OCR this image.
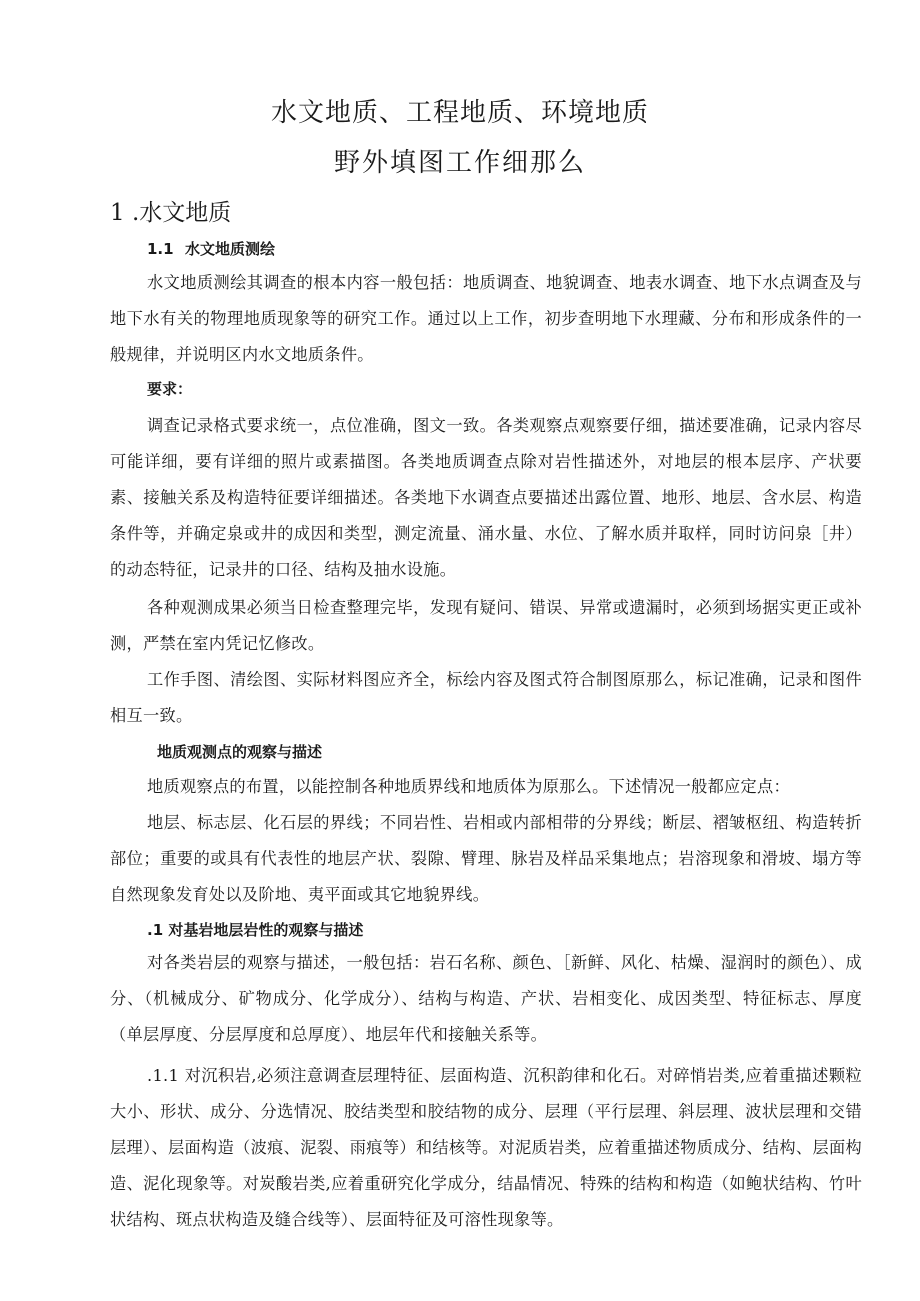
水文地质、工程地质、环境地质
野外填图工作细那么
1 .水文地质
1.1 水文地质测绘

水文地质测绘其调查的根本内容一般包括：地质调查、地貌调查、地表水调查、地下水点调查及与地下水有关的物理地质现象等的研究工作。通过以上工作，初步查明地下水理藏、分布和形成条件的一般规律，并说明区内水文地质条件。

要求：

调查记录格式要求统一，点位准确，图文一致。各类观察点观察要仔细，描述要准确，记录内容尽可能详细，要有详细的照片或素描图。各类地质调查点除对岩性描述外，对地层的根本层序、产状要素、接触关系及构造特征要详细描述。各类地下水调查点要描述出露位置、地形、地层、含水层、构造条件等，并确定泉或井的成因和类型，测定流量、涌水量、水位、了解水质并取样，同时访问泉［井）的动态特征，记录井的口径、结构及抽水设施。

各种观测成果必须当日检查整理完毕，发现有疑问、错误、异常或遗漏时，必须到场据实更正或补测，严禁在室内凭记忆修改。

工作手图、清绘图、实际材料图应齐全，标绘内容及图式符合制图原那么，标记准确，记录和图件相互一致。

地质观测点的观察与描述

地质观察点的布置，以能控制各种地质界线和地质体为原那么。下述情况一般都应定点：

地层、标志层、化石层的界线；不同岩性、岩相或内部相带的分界线；断层、褶皱枢纽、构造转折部位；重要的或具有代表性的地层产状、裂隙、臂理、脉岩及样品采集地点；岩溶现象和滑坡、塌方等自然现象发育处以及阶地、夷平面或其它地貌界线。

.1 对基岩地层岩性的观察与描述

对各类岩层的观察与描述，一般包括：岩石名称、颜色、［新鲜、风化、枯燥、湿润时的颜色）、成分、（机械成分、矿物成分、化学成分）、结构与构造、产状、岩相变化、成因类型、特征标志、厚度（单层厚度、分层厚度和总厚度）、地层年代和接触关系等。

.1.1 对沉积岩,必须注意调查层理特征、层面构造、沉积韵律和化石。对碎悄岩类,应着重描述颗粒大小、形状、成分、分选情况、胶结类型和胶结物的成分、层理（平行层理、斜层理、波状层理和交错层理）、层面构造（波痕、泥裂、雨痕等）和结核等。对泥质岩类，应着重描述物质成分、结构、层面构造、泥化现象等。对炭酸岩类,应着重研究化学成分，结晶情况、特殊的结构和构造（如鲍状结构、竹叶状结构、斑点状构造及缝合线等）、层面特征及可溶性现象等。
